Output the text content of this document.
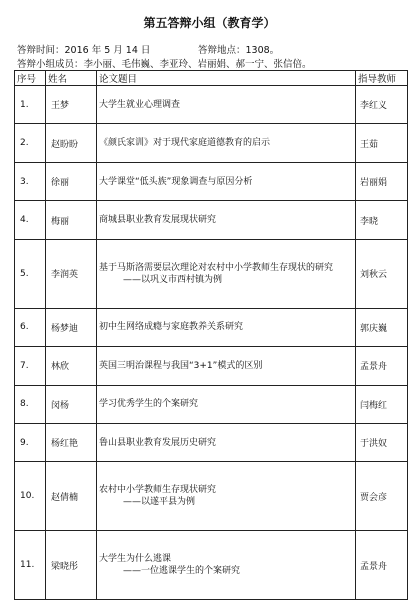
第五答辩小组（教育学）
答辩时间：2016 年 5 月 14 日	答辩地点：1308。
答辩小组成员：李小丽、毛伟巍、李亚玲、岩丽娟、郝一宁、张信倍。
序号	姓名	论文题目	指导教师
1.	王梦	大学生就业心理调查	李红义
2.	赵盼盼	《颜氏家训》对于现代家庭道德教育的启示	王茹
3.	徐丽	大学课堂“低头族”现象调查与原因分析	岩丽娟
4.	梅丽	商城县职业教育发展现状研究	李晓
5.	李润英	基于马斯洛需要层次理论对农村中小学教师生存现状的研究
——以巩义市西村镇为例	刘秋云
6.	杨梦迪	初中生网络成瘾与家庭教养关系研究	郭庆巍
7.	林欣	英国三明治课程与我国“3+1”模式的区别	孟景舟
8.	闵杨	学习优秀学生的个案研究	闫梅红
9.	杨红艳	鲁山县职业教育发展历史研究	于洪奴
10.	赵倩楠	农村中小学教师生存现状研究
——以遂平县为例	贾会彦
11.	梁晓彤	大学生为什么逃课
——一位逃课学生的个案研究	孟景舟
